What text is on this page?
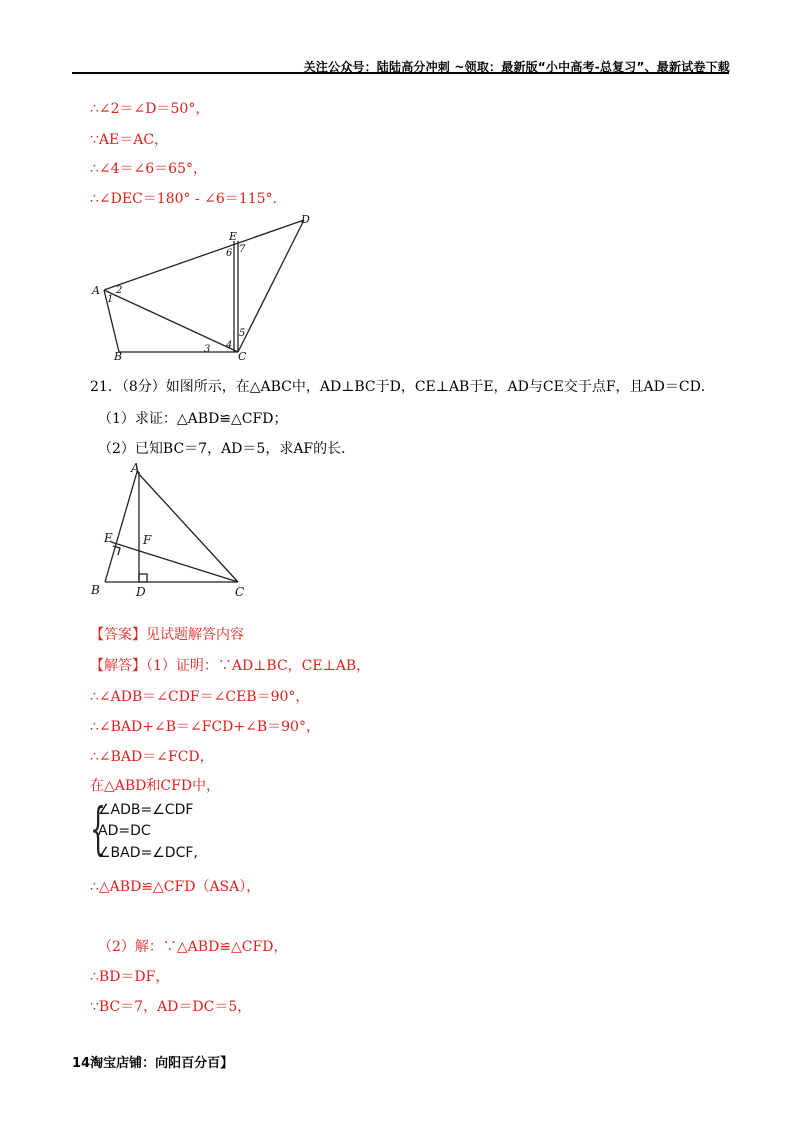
关注公众号：陆陆高分冲刺 ~领取：最新版“小中高考-总复习”、最新试卷下载
∴∠2＝∠D＝50°，
∵AE＝AC，
∴∠4＝∠6＝65°，
∴∠DEC＝180° - ∠6＝115°.
A
B	C
D
E
1
2
3 4
5
6 7
21．（8分）如图所示，在△ABC中，AD⊥BC于D，CE⊥AB于E，AD与CE交于点F，且AD＝CD．
（1）求证：△ABD≌△CFD；
（2）已知BC＝7，AD＝5，求AF的长．
A
B	C
D
E	F
【答案】见试题解答内容
【解答】（1）证明：∵AD⊥BC，CE⊥AB，
∴∠ADB＝∠CDF＝∠CEB＝90°，
∴∠BAD+∠B＝∠FCD+∠B＝90°，
∴∠BAD＝∠FCD，
在△ABD和CFD中，
{
∠ADB=∠CDF
AD=DC
∠BAD=∠DCF,
∴△ABD≌△CFD（ASA），
（2）解：∵△ABD≌△CFD，
∴BD＝DF，
∵BC＝7，AD＝DC＝5，
14淘宝店铺：向阳百分百】
